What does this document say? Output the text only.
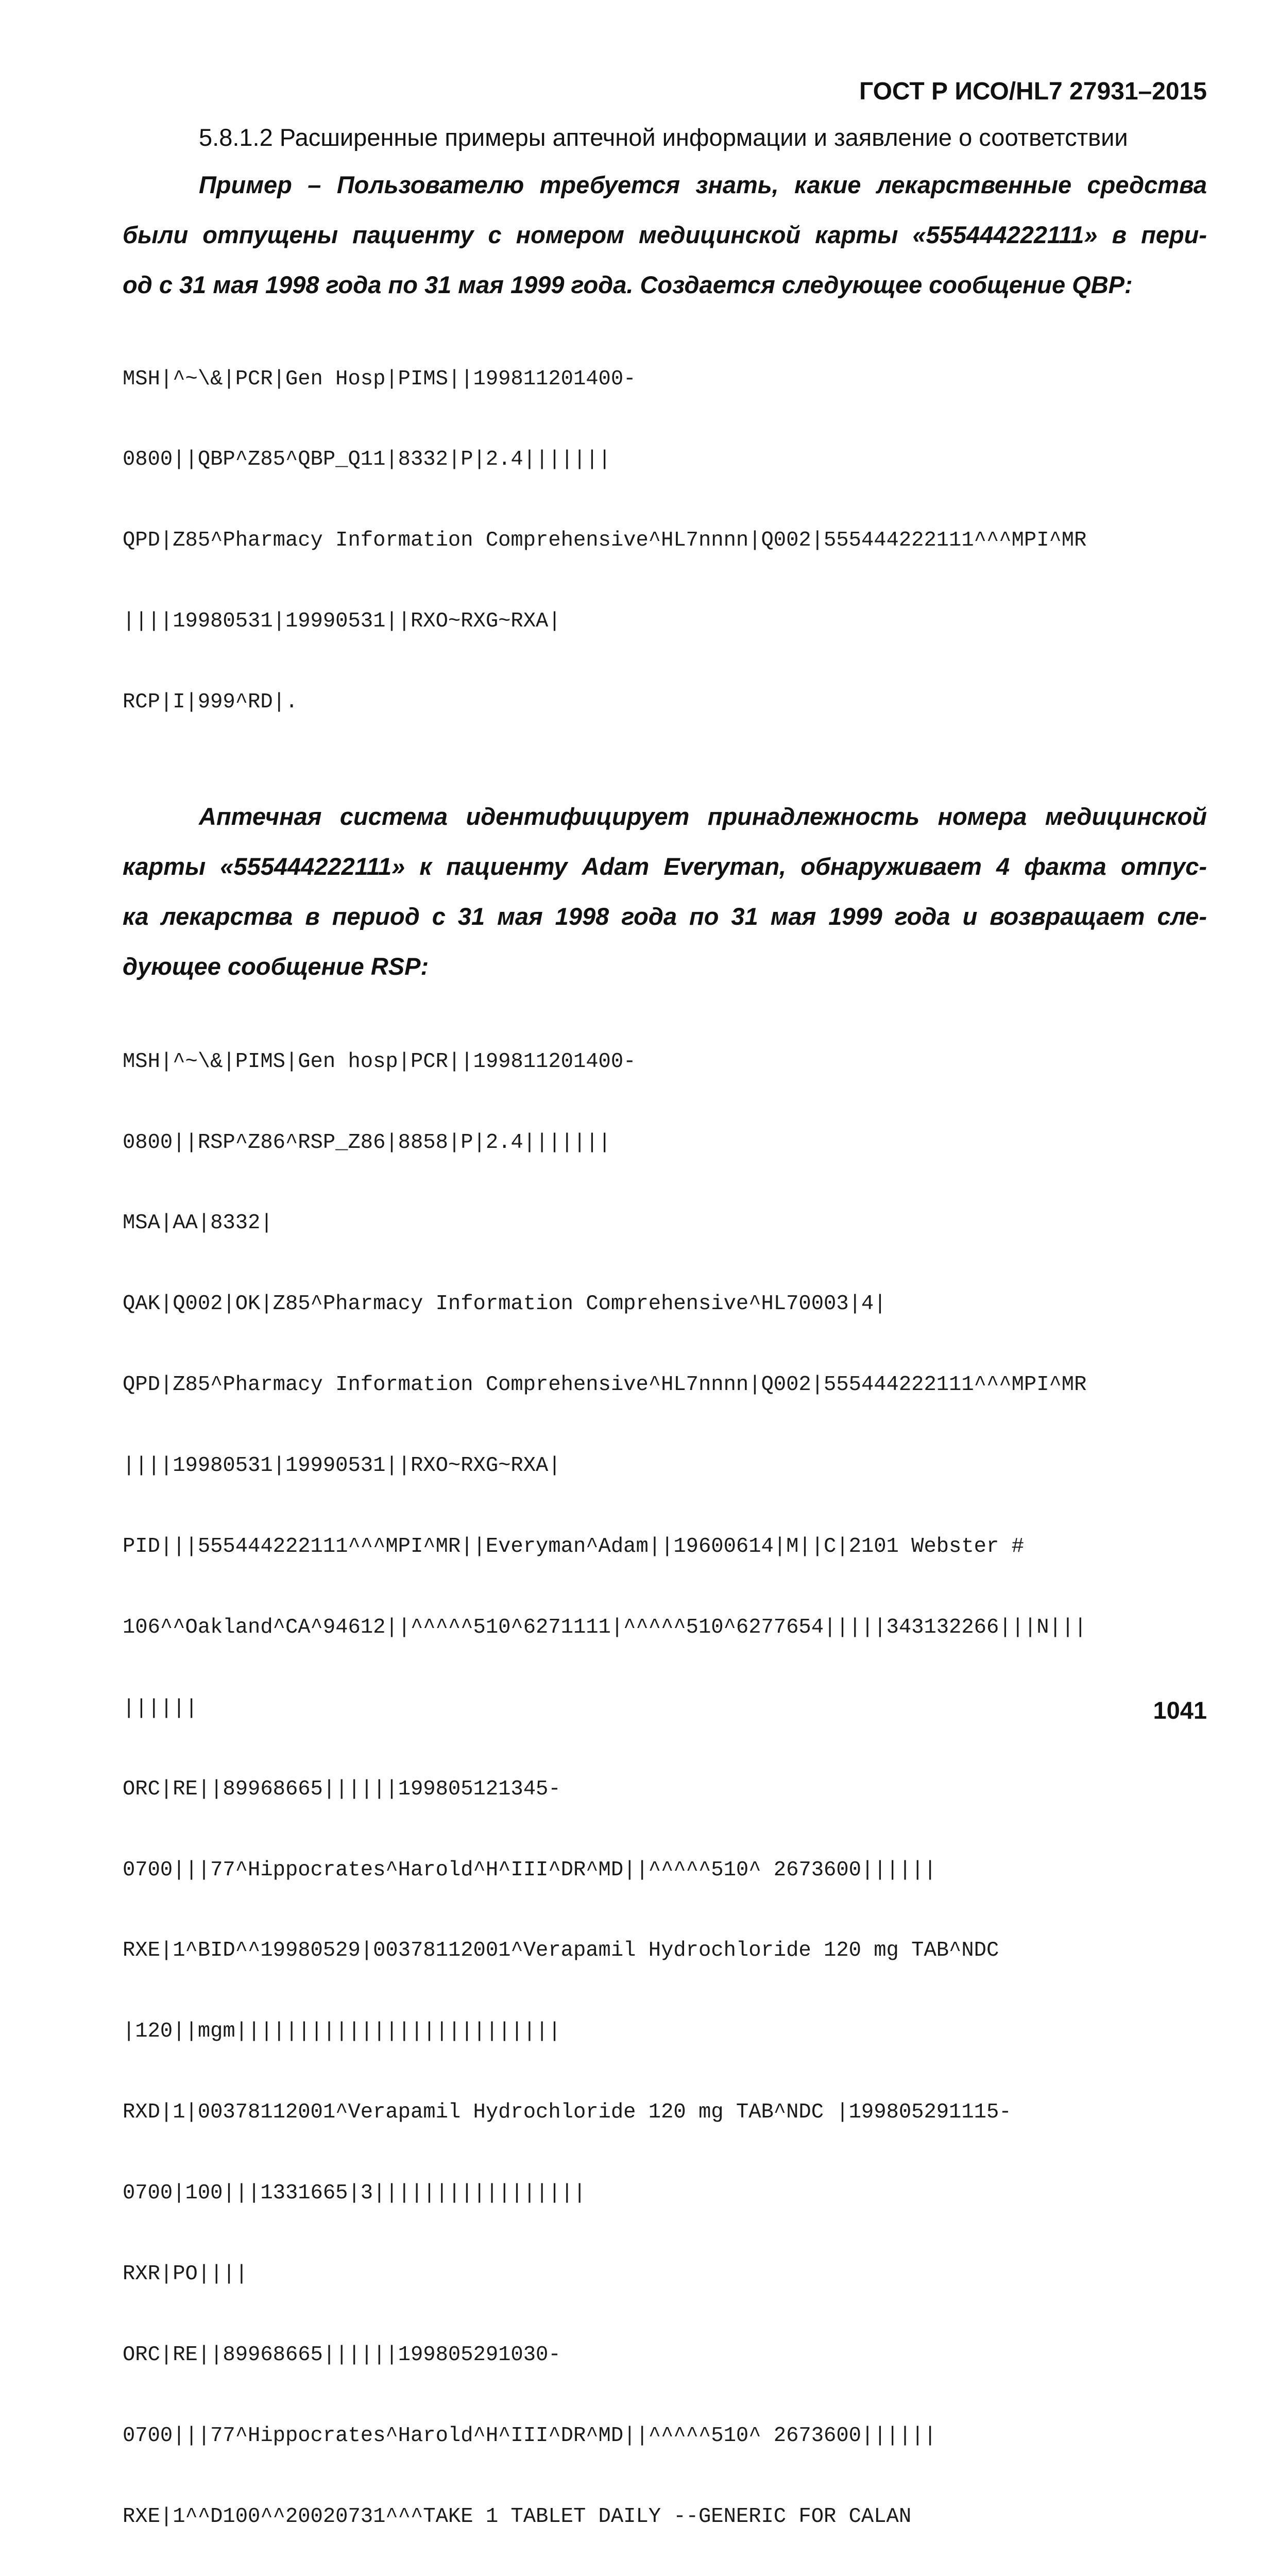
ГОСТ Р ИСО/HL7 27931–2015
5.8.1.2 Расширенные примеры аптечной информации и заявление о соответствии
Пример – Пользователю требуется знать, какие лекарственные средства
были отпущены пациенту с номером медицинской карты «555444222111» в пери-
од с 31 мая 1998 года по 31 мая 1999 года. Создается следующее сообщение QBP:

MSH|^~\&|PCR|Gen Hosp|PIMS||199811201400-

0800||QBP^Z85^QBP_Q11|8332|P|2.4|||||||

QPD|Z85^Pharmacy Information Comprehensive^HL7nnnn|Q002|555444222111^^^MPI^MR

||||19980531|19990531||RXO~RXG~RXA|

RCP|I|999^RD|.

Аптечная система идентифицирует принадлежность номера медицинской
карты «555444222111» к пациенту Adam Everyman, обнаруживает 4 факта отпус-
ка лекарства в период с 31 мая 1998 года по 31 мая 1999 года и возвращает сле-
дующее сообщение RSP:

MSH|^~\&|PIMS|Gen hosp|PCR||199811201400-

0800||RSP^Z86^RSP_Z86|8858|P|2.4|||||||

MSA|AA|8332|

QAK|Q002|OK|Z85^Pharmacy Information Comprehensive^HL70003|4|

QPD|Z85^Pharmacy Information Comprehensive^HL7nnnn|Q002|555444222111^^^MPI^MR

||||19980531|19990531||RXO~RXG~RXA|

PID|||555444222111^^^MPI^MR||Everyman^Adam||19600614|M||C|2101 Webster #

106^^Oakland^CA^94612||^^^^^510^6271111|^^^^^510^6277654|||||343132266|||N|||

||||||

ORC|RE||89968665||||||199805121345-

0700|||77^Hippocrates^Harold^H^III^DR^MD||^^^^^510^ 2673600||||||

RXE|1^BID^^19980529|00378112001^Verapamil Hydrochloride 120 mg TAB^NDC

|120||mgm||||||||||||||||||||||||||

RXD|1|00378112001^Verapamil Hydrochloride 120 mg TAB^NDC |199805291115-

0700|100|||1331665|3|||||||||||||||||

RXR|PO||||

ORC|RE||89968665||||||199805291030-

0700|||77^Hippocrates^Harold^H^III^DR^MD||^^^^^510^ 2673600||||||

RXE|1^^D100^^20020731^^^TAKE 1 TABLET DAILY --GENERIC FOR CALAN

1041
